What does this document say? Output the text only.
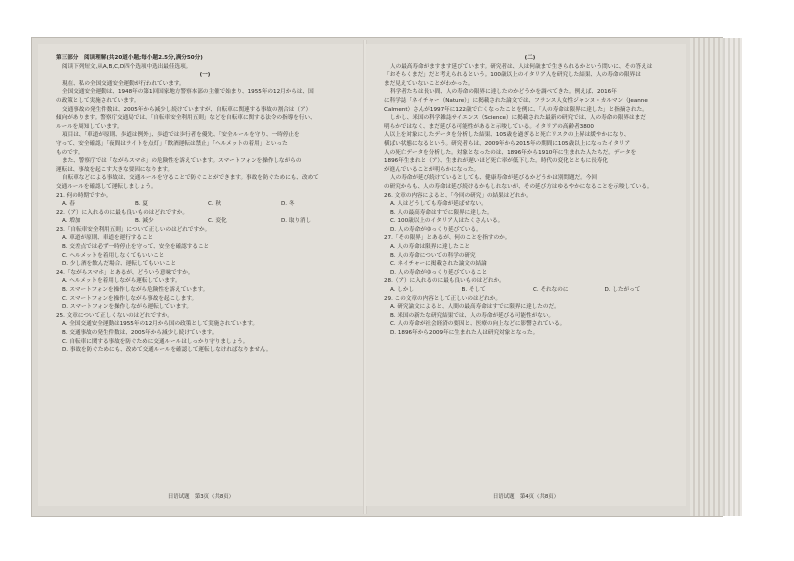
第三部分　阅读理解(共20道小题;每小题2.5分,满分50分)
阅读下列短文,从A,B,C,D四个选项中选出最佳选项。
(一)
現在、私の全国交通安全運動が行われています。
全国交通安全運動は、1948年の第1回国家地方警察本部の主催で始まり、1955年の12月からは、国
の政策として実施されています。
交通事故の発生件数は、2005年から減少し続けていますが、自転車に関連する事故の割合は（ア）
傾向があります。警察庁交通局では、「自転車安全利用五則」などを自転車に関する法令の指導を行い、
ルールを周知しています。
項目は、「車道が原則、歩道は例外」、歩道では歩行者を優先、「安全ルールを守り、一時停止を
守って、安全確認」「夜間はライトを点灯」「飲酒運転は禁止」「ヘルメットの着用」といった
ものです。
また、警察庁では「ながらスマホ」の危険性を訴えています。スマートフォンを操作しながらの
運転は、事故を起こす大きな要因になります。
自転車などによる事故は、交通ルールを守ることで防ぐことができます。事故を防ぐためにも、改めて
交通ルールを確認して運転しましょう。
21. 何の時期ですか。
A. 春	B. 夏	C. 秋	D. 冬
22.（ア）に入れるのに最も良いものはどれですか。
A. 増加	B. 減少	C. 変化	D. 取り消し
23.「自転車安全利用五則」について正しいのはどれですか。
A. 車道が原則、車道を運行すること
B. 交差点では必ず一時停止を守って、安全を確認すること
C. ヘルメットを着用しなくてもいいこと
D. 少し酒を飲んだ場合、運転してもいいこと
24.「ながらスマホ」とあるが、どういう意味ですか。
A. ヘルメットを着用しながら運転しています。
B. スマートフォンを操作しながら危険性を訴えています。
C. スマートフォンを操作しながら事故を起こします。
D. スマートフォンを操作しながら運転しています。
25. 文章について正しくないのはどれですか。
A. 全国交通安全運動は1955年の12月から国の政策として実施されています。
B. 交通事故の発生件数は、2005年から減少し続けています。
C. 自転車に関する事故を防ぐために交通ルールはしっかり守りましょう。
D. 事故を防ぐためにも、改めて交通ルールを確認して運転しなければなりません。
日语试题　第3页（共8页）
(二)
人の最高寿命がますます延びています。研究者は、人は何歳まで生きられるかという問いに、その答えは
「おそらくまだ」だと考えられるという。100歳以上のイタリア人を研究した結果、人の寿命の限界は
まだ見えていないことがわかった。
科学者たちは長い間、人の寿命の限界に達したのかどうかを調べてきた。例えば、2016年
に科学誌「ネイチャー（Nature）」に掲載された論文では、フランス人女性ジャンヌ・カルマン（Jeanne
Calment）さんが1997年に122歳で亡くなったことを例に、「人の寿命は限界に達した」と指摘された。
しかし、米国の科学雑誌サイエンス（Science）に掲載された最新の研究では、人の寿命の限界はまだ
明らかではなく、まだ延びる可能性があると示唆している。イタリアの高齢者3800
人以上を対象にしたデータを分析した結果、105歳を過ぎると死亡リスクの上昇は緩やかになり、
横ばい状態になるという。研究者らは、2009年から2015年の期間に105歳以上になったイタリア
人の死亡データを分析した。対象となったのは、1896年から1910年に生まれた人たちだ。データを
1896年生まれと（ア）、生まれが遅いほど死亡率が低下した。時代の変化とともに長寿化
が進んでいることが明らかになった。
人の寿命が延び続けているとしても、健康寿命が延びるかどうかは別問題だ。今回
の研究からも、人の寿命は延び続けるかもしれないが、その延び方はゆるやかになることを示唆している。
26. 文章の内容によると、「今回の研究」の結果はどれか。
A. 人はどうしても寿命が延ばせない。
B. 人の最高寿命はすでに限界に達した。
C. 100歳以上のイタリア人はたくさんいる。
D. 人の寿命がゆっくり延びている。
27.「その限界」とあるが、何のことを指すのか。
A. 人の寿命は限界に達したこと
B. 人の寿命についての科学の研究
C. ネイチャーに掲載された論文の結論
D. 人の寿命がゆっくり延びていること
28.（ア）に入れるのに最も良いものはどれか。
A. しかし	B. そして	C. それなのに	D. したがって
29. この文章の内容として正しいのはどれか。
A. 研究論文によると、人間の最高寿命はすでに限界に達したのだ。
B. 米国の新たな研究結果では、人の寿命が延びる可能性がない。
C. 人の寿命が社会経済の要因と、医療の向上などに影響されている。
D. 1896年から2009年に生まれた人は研究対象となった。
日语试题　第4页（共8页）
